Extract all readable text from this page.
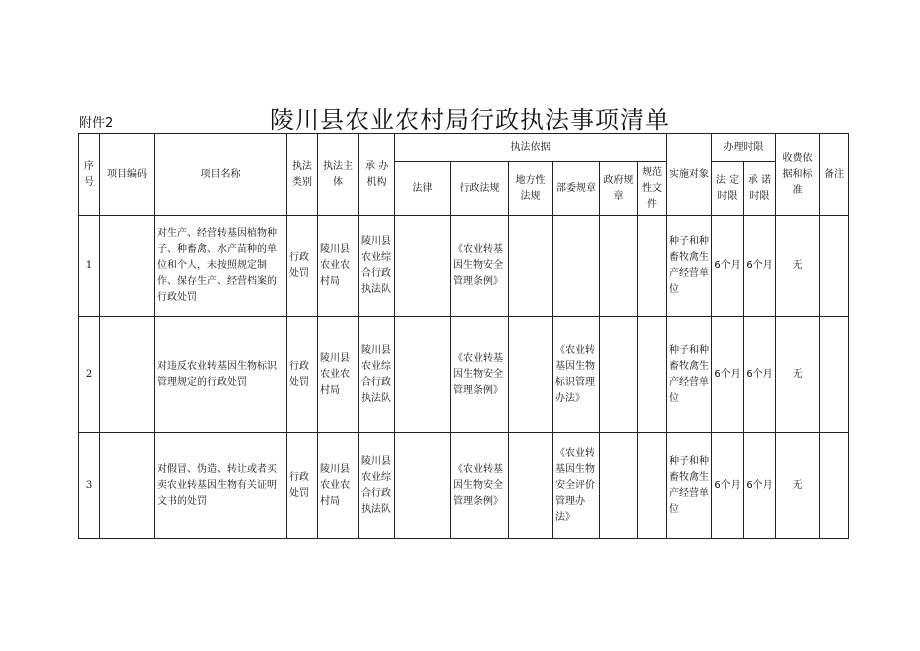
附件2	陵川县农业农村局行政执法事项清单
序号	项目编码	项目名称	执法类别	执法主体	承 办机构	执法依据						实施对象	办理时限		收费依据和标准	备注
						法律	行政法规	地方性法规	部委规章	政府规章	规范性文件		法 定时限	承 诺时限		
1		对生产、经营转基因植物种子、种畜禽、水产苗种的单位和个人，未按照规定制作、保存生产、经营档案的行政处罚	行政处罚	陵川县农业农村局	陵川县农业综合行政执法队		《农业转基因生物安全管理条例》					种子和种畜牧禽生产经营单位	6个月	6个月	无	
2		对违反农业转基因生物标识管理规定的行政处罚	行政处罚	陵川县农业农村局	陵川县农业综合行政执法队		《农业转基因生物安全管理条例》		《农业转基因生物标识管理办法》			种子和种畜牧禽生产经营单位	6个月	6个月	无	
3		对假冒、伪造、转让或者买卖农业转基因生物有关证明文书的处罚	行政处罚	陵川县农业农村局	陵川县农业综合行政执法队		《农业转基因生物安全管理条例》		《农业转基因生物安全评价管理办法》			种子和种畜牧禽生产经营单位	6个月	6个月	无	
